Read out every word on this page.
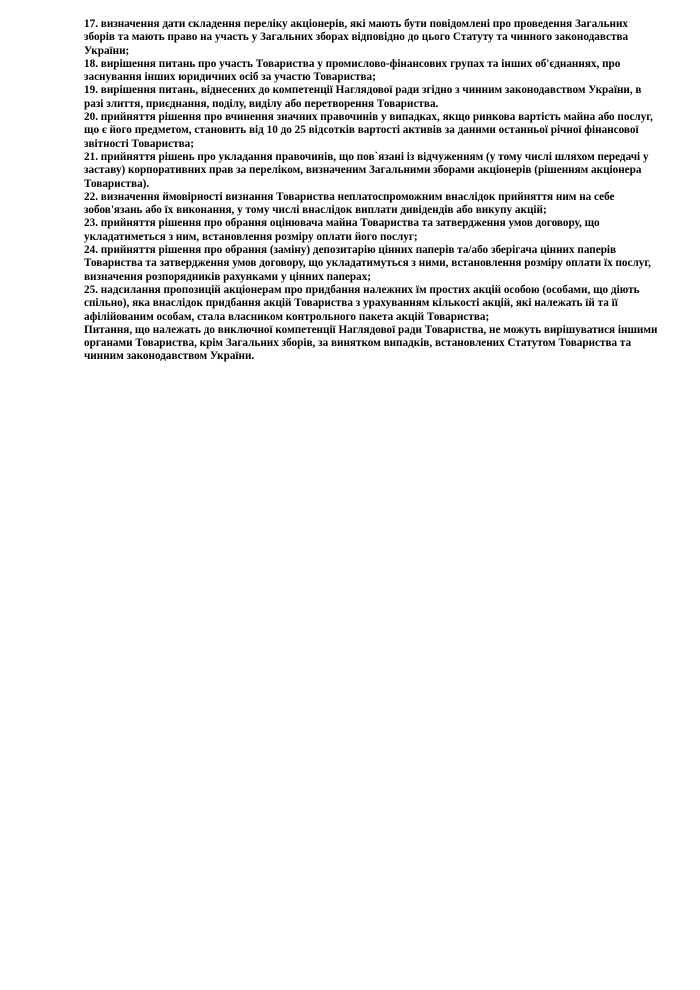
17. визначення дати складення переліку акціонерів, які мають бути повідомлені про проведення Загальних зборів та мають право на участь у Загальних зборах відповідно до цього Статуту та чинного законодавства України;

18. вирішення питань про участь Товариства у промислово-фінансових групах та інших об'єднаннях, про заснування інших юридичних осіб за участю Товариства;

19. вирішення питань, віднесених до компетенції Наглядової ради згідно з чинним законодавством України, в разі злиття, приєднання, поділу, виділу або перетворення Товариства.

20. прийняття рішення про вчинення значних правочинів у випадках, якщо ринкова вартість майна або послуг, що є його предметом, становить від 10 до 25 відсотків вартості активів за даними останньої річної фінансової звітності Товариства;

21. прийняття рішень про укладання правочинів, що пов`язані із відчуженням (у тому числі шляхом передачі у заставу) корпоративних прав за переліком, визначеним Загальними зборами акціонерів (рішенням акціонера Товариства).

22. визначення ймовірності визнання Товариства неплатоспроможним внаслідок прийняття ним на себе зобов'язань або їх виконання, у тому числі внаслідок виплати дивідендів або викупу акцій;

23. прийняття рішення про обрання оцінювача майна Товариства та затвердження умов договору, що укладатиметься з ним, встановлення розміру оплати його послуг;

24. прийняття рішення про обрання (заміну) депозитарію цінних паперів та/або зберігача цінних паперів Товариства та затвердження умов договору, що укладатимуться з ними, встановлення розміру оплати їх послуг, визначення розпорядників рахунками у цінних паперах;

25. надсилання пропозицій акціонерам про придбання належних їм простих акцій особою (особами, що діють спільно), яка внаслідок придбання акцій Товариства з урахуванням кількості акцій, які належать їй та її афілійованим особам, стала власником контрольного пакета акцій Товариства;

Питання, що належать до виключної компетенції Наглядової ради Товариства, не можуть вирішуватися іншими органами Товариства, крім Загальних зборів, за винятком випадків, встановлених Статутом Товариства та чинним законодавством України.
